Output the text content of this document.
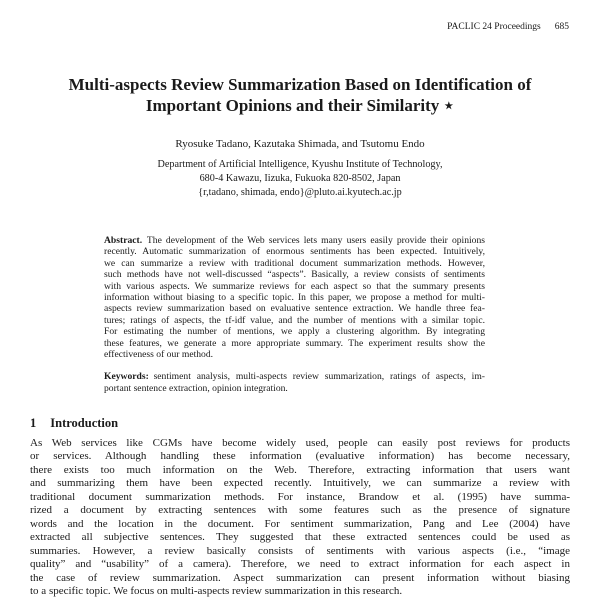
PACLIC 24 Proceedings 685
Multi-aspects Review Summarization Based on Identification of
Important Opinions and their Similarity ⋆
Ryosuke Tadano, Kazutaka Shimada, and Tsutomu Endo
Department of Artificial Intelligence, Kyushu Institute of Technology,
680-4 Kawazu, Iizuka, Fukuoka 820-8502, Japan
{r,tadano, shimada, endo}@pluto.ai.kyutech.ac.jp
Abstract.  The development of the Web services lets many users easily provide their opinions
recently. Automatic summarization of enormous sentiments has been expected. Intuitively,
we can summarize a review with traditional document summarization methods. However,
such methods have not well-discussed “aspects”. Basically, a review consists of sentiments
with various aspects. We summarize reviews for each aspect so that the summary presents
information without biasing to a specific topic. In this paper, we propose a method for multi-
aspects review summarization based on evaluative sentence extraction. We handle three fea-
tures; ratings of aspects, the tf-idf value, and the number of mentions with a similar topic.
For estimating the number of mentions, we apply a clustering algorithm. By integrating
these features, we generate a more appropriate summary. The experiment results show the
effectiveness of our method.
Keywords:  sentiment analysis, multi-aspects review summarization, ratings of aspects, im-
portant sentence extraction, opinion integration.
1 Introduction
As Web services like CGMs have become widely used, people can easily post reviews for products
or services. Although handling these information (evaluative information) has become necessary,
there exists too much information on the Web. Therefore, extracting information that users want
and summarizing them have been expected recently. Intuitively, we can summarize a review with
traditional document summarization methods. For instance, Brandow et al. (1995) have summa-
rized a document by extracting sentences with some features such as the presence of signature
words and the location in the document. For sentiment summarization, Pang and Lee (2004) have
extracted all subjective sentences. They suggested that these extracted sentences could be used as
summaries. However, a review basically consists of sentiments with various aspects (i.e., “image
quality” and “usability” of a camera). Therefore, we need to extract information for each aspect in
the case of review summarization. Aspect summarization can present information without biasing
to a specific topic. We focus on multi-aspects review summarization in this research.
